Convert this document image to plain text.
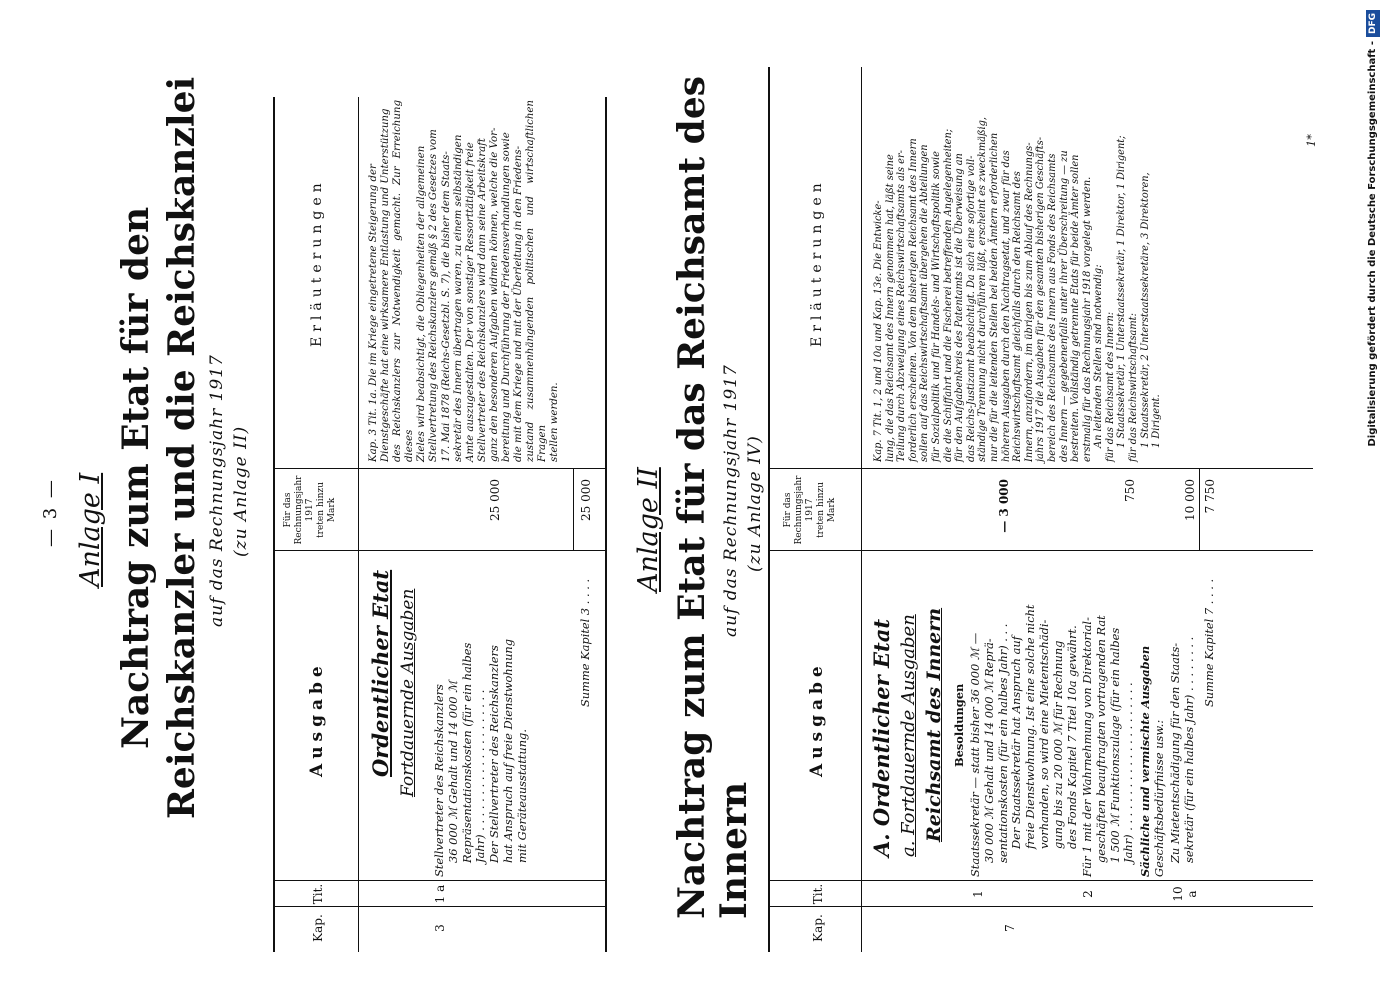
— 3 — Anlage I Nachtrag zum Etat für den Reichskanzler und die Reichskanzlei auf das Rechnungsjahr 1917 (zu Anlage II)
Kap.
Tit.
Ausgabe
Für das Rechnungsjahr 1917 treten hinzu Mark
Erläuterungen
Ordentlicher Etat Fortdauernde Ausgaben
3
1 a
Stellvertreter des Reichskanzlers 36 000 ℳ Gehalt und 14 000 ℳ Repräsentationskosten (für ein halbes Jahr) . . . . . . . . . . . . . . . . . . . . Der Stellvertreter des Reichskanzlers hat Anspruch auf freie Dienstwohnung mit Geräteausstattung.
25 000
Summe Kapitel 3 . . . .
25 000
Kap. 3 Tit. 1a. Die im Kriege eingetretene Steigerung der Dienstgeschäfte hat eine wirksamere Entlastung und Unterstützung des Reichskanzlers zur Notwendigkeit gemacht. Zur Erreichung dieses Zieles wird beabsichtigt, die Obliegenheiten der allgemeinen Stellvertretung des Reichskanzlers gemäß § 2 des Gesetzes vom 17. Mai 1878 (Reichs-Gesetzbl. S. 7), die bisher dem Staats- sekretär des Innern übertragen waren, zu einem selbständigen Amte auszugestalten. Der von sonstiger Ressorttätigkeit freie Stellvertreter des Reichskanzlers wird dann seine Arbeitskraft ganz den besonderen Aufgaben widmen können, welche die Vor- bereitung und Durchführung der Friedensverhandlungen sowie die mit dem Kriege und mit der Überleitung in den Friedens- zustand zusammenhängenden politischen und wirtschaftlichen Fragen stellen werden.
Anlage II Nachtrag zum Etat für das Reichsamt des Innern
auf das Rechnungsjahr 1917 (zu Anlage IV)
Kap.
Tit.
Ausgabe
Für das Rechnungsjahr 1917 treten hinzu Mark
Erläuterungen
A. Ordentlicher Etat a. Fortdauernde Ausgaben Reichsamt des Innern Besoldungen
7
1
Staatssekretär — statt bisher 36 000 ℳ — 30 000 ℳ Gehalt und 14 000 ℳ Reprä- sentationskosten (für ein halbes Jahr) . . . Der Staatssekretär hat Anspruch auf freie Dienstwohnung. Ist eine solche nicht vorhanden, so wird eine Mietentschädi- gung bis zu 20 000 ℳ für Rechnung des Fonds Kapitel 7 Titel 10a gewährt.
— 3 000
2
Für 1 mit der Wahrnehmung von Direktorial- geschäften beauftragten vortragenden Rat 1 500 ℳ Funktionszulage (für ein halbes Jahr) . . . . . . . . . . . . . . . . . . . . .
750
Sächliche und vermischte Ausgaben Geschäftsbedürfnisse usw.:
10 a
Zu Mietentschädigung für den Staats- sekretär (für ein halbes Jahr) . . . . . . . .
10 000
Summe Kapitel 7 . . . .
7 750
Kap. 7 Tit. 1, 2 und 10a und Kap. 13e. Die Entwicke- lung, die das Reichsamt des Innern genommen hat, läßt seine Teilung durch Abzweigung eines Reichswirtschaftsamts als er- forderlich erscheinen. Von dem bisherigen Reichsamt des Innern sollen auf das Reichswirtschaftsamt übergehen die Abteilungen für Sozialpolitik und für Handels- und Wirtschaftspolitik sowie die die Schiffahrt und die Fischerei betreffenden Angelegenheiten; für den Aufgabenkreis des Patentamts ist die Überweisung an das Reichs-Justizamt beabsichtigt. Da sich eine sofortige voll- ständige Trennung nicht durchführen läßt, erscheint es zweckmäßig, nur die für die leitenden Stellen bei beiden Ämtern erforderlichen höheren Ausgaben durch den Nachtragsetat, und zwar für das Reichswirtschaftsamt gleichfalls durch den Reichsamt des Innern, anzufordern, im übrigen bis zum Ablauf des Rechnungs- jahrs 1917 die Ausgaben für den gesamten bisherigen Geschäfts- bereich des Reichsamts des Innern aus Fonds des Reichsamts des Innern — gegebenenfalls unter ihrer Überschreitung — zu bestreiten. Vollständig getrennte Etats für beide Ämter sollen erstmalig für das Rechnungsjahr 1918 vorgelegt werden. An leitenden Stellen sind notwendig: für das Reichsamt des Innern: 1 Staatssekretär, 1 Unterstaatssekretär, 1 Direktor, 1 Dirigent; für das Reichswirtschaftsamt: 1 Staatssekretär, 2 Unterstaatssekretäre, 3 Direktoren, 1 Dirigent.
1*	Digitalisierung gefördert durch die Deutsche Forschungsgemeinschaft -DFG
